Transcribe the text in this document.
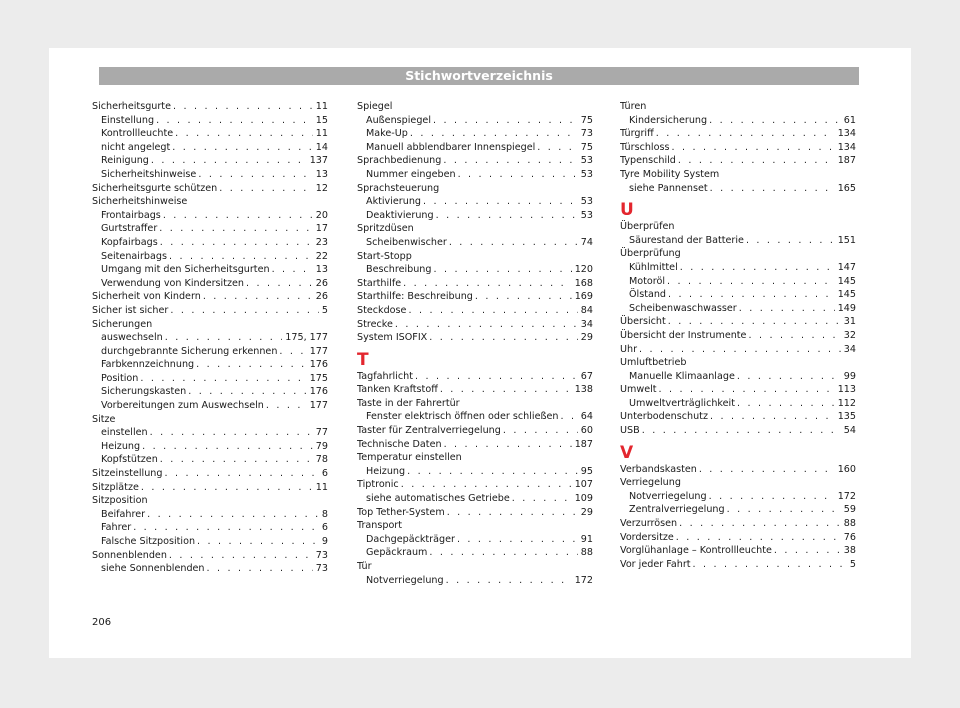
Stichwortverzeichnis
Sicherheitsgurte . . .	11
Einstellung . . .	15
Kontrollleuchte . . .	11
nicht angelegt . . .	14
Reinigung . . .	137
Sicherheitshinweise . . .	13
Sicherheitsgurte schützen . . .	12
Sicherheitshinweise
Frontairbags . . .	20
Gurtstraffer . . .	17
Kopfairbags . . .	23
Seitenairbags . . .	22
Umgang mit den Sicherheitsgurten . . .	13
Verwendung von Kindersitzen . . .	26
Sicherheit von Kindern . . .	26
Sicher ist sicher . . .	5
Sicherungen
auswechseln . . .	175, 177
durchgebrannte Sicherung erkennen . . .	177
Farbkennzeichnung . . .	176
Position . . .	175
Sicherungskasten . . .	176
Vorbereitungen zum Auswechseln . . .	177
Sitze
einstellen . . .	77
Heizung . . .	79
Kopfstützen . . .	78
Sitzeinstellung . . .	6
Sitzplätze . . .	11
Sitzposition
Beifahrer . . .	8
Fahrer . . .	6
Falsche Sitzposition . . .	9
Sonnenblenden . . .	73
siehe Sonnenblenden . . .	73
Spiegel
Außenspiegel . . .	75
Make-Up . . .	73
Manuell abblendbarer Innenspiegel . . .	75
Sprachbedienung . . .	53
Nummer eingeben . . .	53
Sprachsteuerung
Aktivierung . . .	53
Deaktivierung . . .	53
Spritzdüsen
Scheibenwischer . . .	74
Start-Stopp
Beschreibung . . .	120
Starthilfe . . .	168
Starthilfe: Beschreibung . . .	169
Steckdose . . .	84
Strecke . . .	34
System ISOFIX . . .	29
T
Tagfahrlicht . . .	67
Tanken Kraftstoff . . .	138
Taste in der Fahrertür
Fenster elektrisch öffnen oder schließen . . .	64
Taster für Zentralverriegelung . . .	60
Technische Daten . . .	187
Temperatur einstellen
Heizung . . .	95
Tiptronic . . .	107
siehe automatisches Getriebe . . .	109
Top Tether-System . . .	29
Transport
Dachgepäckträger . . .	91
Gepäckraum . . .	88
Tür
Notverriegelung . . .	172
Türen
Kindersicherung . . .	61
Türgriff . . .	134
Türschloss . . .	134
Typenschild . . .	187
Tyre Mobility System
siehe Pannenset . . .	165
U
Überprüfen
Säurestand der Batterie . . .	151
Überprüfung
Kühlmittel . . .	147
Motoröl . . .	145
Ölstand . . .	145
Scheibenwaschwasser . . .	149
Übersicht . . .	31
Übersicht der Instrumente . . .	32
Uhr . . .	34
Umluftbetrieb
Manuelle Klimaanlage . . .	99
Umwelt . . .	113
Umweltverträglichkeit . . .	112
Unterbodenschutz . . .	135
USB . . .	54
V
Verbandskasten . . .	160
Verriegelung
Notverriegelung . . .	172
Zentralverriegelung . . .	59
Verzurrösen . . .	88
Vordersitze . . .	76
Vorglühanlage – Kontrollleuchte . . .	38
Vor jeder Fahrt . . .	5
206
